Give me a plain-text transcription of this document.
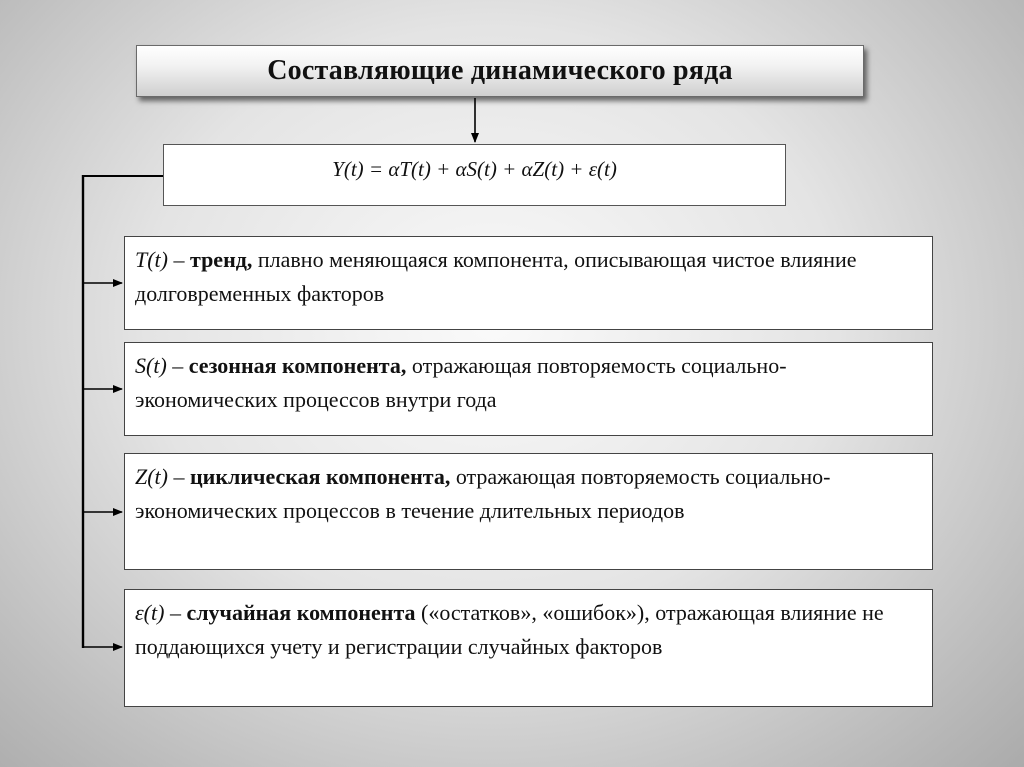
Составляющие динамического ряда
Y(t) = αT(t) + αS(t) + αZ(t) + ε(t)
T(t) – тренд, плавно меняющаяся компонента, описывающая чистое влияние долговременных факторов
S(t) – сезонная компонента, отражающая повторяемость социально-экономических процессов внутри года
Z(t) – циклическая компонента, отражающая повторяемость социально-экономических процессов в течение длительных периодов
ε(t) – случайная компонента («остатков», «ошибок»), отражающая влияние не поддающихся учету и регистрации случайных факторов
